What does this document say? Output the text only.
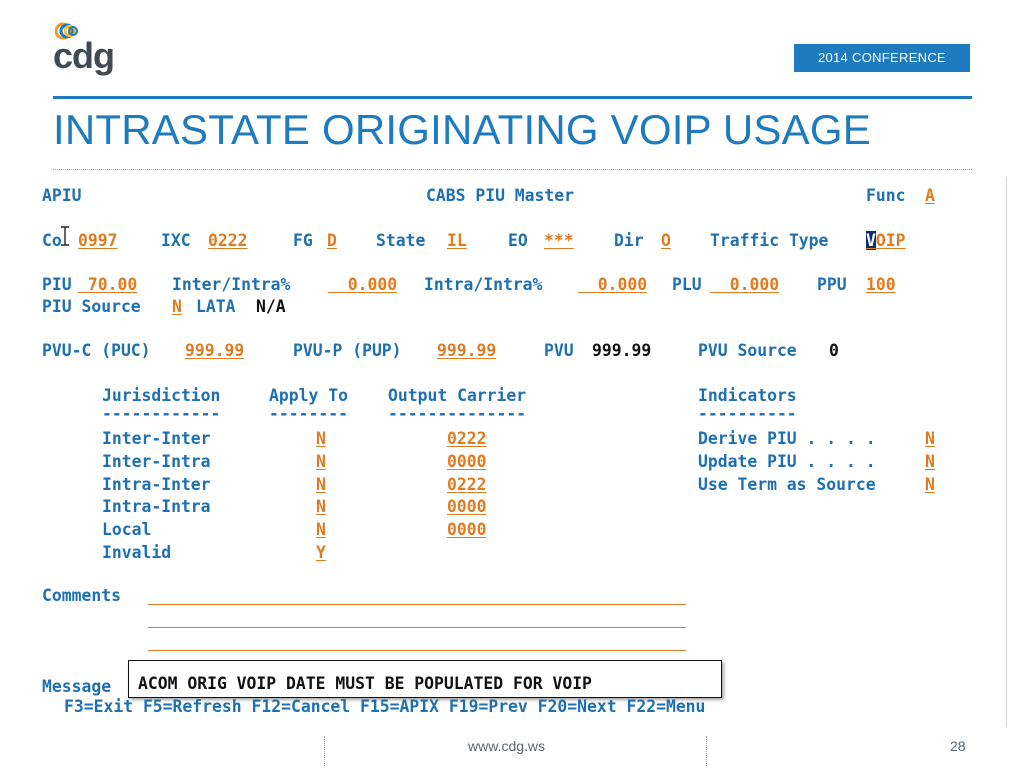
cdg	2014 CONFERENCE
INTRASTATE ORIGINATING VOIP USAGE
APIU	CABS PIU Master	Func A
Co 0997	IXC 0222	FG D State IL	EO *** Dir O Traffic Type VOIP
PIU 70.00 Inter/Intra% 0.000 Intra/Intra% 0.000 PLU 0.000 PPU 100
PIU Source N LATA N/A
PVU-C (PUC) 999.99	PVU-P (PUP) 999.99	PVU 999.99	PVU Source 0
Jurisdiction	Apply To Output Carrier	Indicators
------------	-------- --------------	----------
Inter-Inter	N	0222
Inter-Intra	N	0000
Intra-Inter	N	0222
Intra-Intra	N	0000
Local	N	0000
Invalid	Y
Derive PIU . . . .	N
Update PIU . . . .	N
Use Term as Source	N
Comments
Message ACOM ORIG VOIP DATE MUST BE POPULATED FOR VOIP
F3=Exit F5=Refresh F12=Cancel F15=APIX F19=Prev F20=Next F22=Menu
www.cdg.ws	28
